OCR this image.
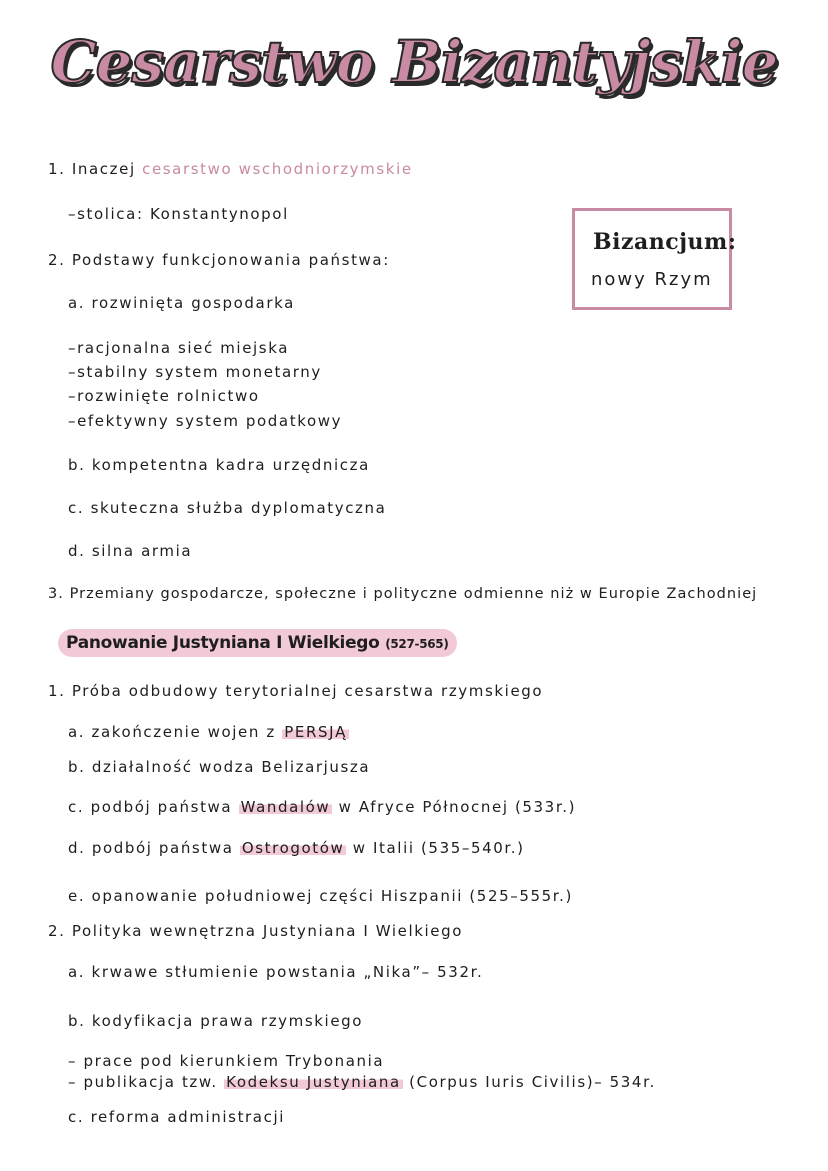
Cesarstwo Bizantyjskie
1. Inaczej cesarstwo wschodniorzymskie
–stolica: Konstantynopol
2. Podstawy funkcjonowania państwa:
a. rozwinięta gospodarka
–racjonalna sieć miejska
–stabilny system monetarny
–rozwinięte rolnictwo
–efektywny system podatkowy
b. kompetentna kadra urzędnicza
c. skuteczna służba dyplomatyczna
d. silna armia
3. Przemiany gospodarcze, społeczne i polityczne odmienne niż w Europie Zachodniej
Bizancjum:
nowy Rzym
Panowanie Justyniana I Wielkiego (527-565)
1. Próba odbudowy terytorialnej cesarstwa rzymskiego
a. zakończenie wojen z PERSJĄ
b. działalność wodza Belizarjusza
c. podbój państwa Wandalów w Afryce Północnej (533r.)
d. podbój państwa Ostrogotów w Italii (535–540r.)
e. opanowanie południowej części Hiszpanii (525–555r.)
2. Polityka wewnętrzna Justyniana I Wielkiego
a. krwawe stłumienie powstania „Nika”– 532r.
b. kodyfikacja prawa rzymskiego
– prace pod kierunkiem Trybonania
– publikacja tzw. Kodeksu Justyniana (Corpus Iuris Civilis)– 534r.
c. reforma administracji
